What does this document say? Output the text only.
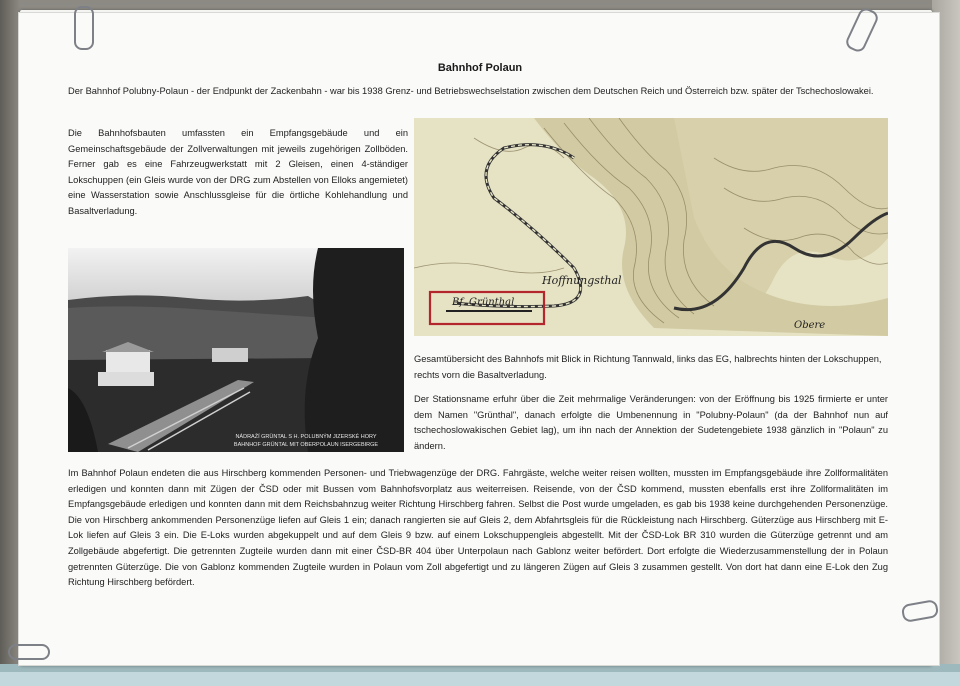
Bahnhof Polaun
Der Bahnhof Polubny-Polaun - der Endpunkt der Zackenbahn - war bis 1938 Grenz- und Betriebswechselstation zwischen dem Deutschen Reich und Österreich bzw. später der Tschechoslowakei.
Die Bahnhofsbauten umfassten ein Empfangsgebäude und ein Gemeinschaftsgebäude der Zollverwaltungen mit jeweils zugehörigen Zollböden. Ferner gab es eine Fahrzeugwerkstatt mit 2 Gleisen, einen 4-ständiger Lokschuppen (ein Gleis wurde von der DRG zum Abstellen von Elloks angemietet) eine Wasserstation sowie Anschlussgleise für die örtliche Kohlehandlung und Basaltverladung.
Bf. Grünthal
Hoffnungsthal
Obere
NÁDRAŽÍ GRÜNTAL S H. POLUBNÝM JIZERSKÉ HORY
BAHNHOF GRÜNTAL MIT OBERPOLAUN ISERGEBIRGE
Gesamtübersicht des Bahnhofs mit Blick in Richtung Tannwald, links das EG, halbrechts hinten der Lokschuppen, rechts vorn die Basaltverladung.
Der Stationsname erfuhr über die Zeit mehrmalige Veränderungen: von der Eröffnung bis 1925 firmierte er unter dem Namen "Grünthal", danach erfolgte die Umbenennung in "Polubny-Polaun" (da der Bahnhof nun auf tschechoslowakischen Gebiet lag), um ihn nach der Annektion der Sudetengebiete 1938 gänzlich in "Polaun" zu ändern.
Im Bahnhof Polaun endeten die aus Hirschberg kommenden Personen- und Triebwagenzüge der DRG. Fahrgäste, welche weiter reisen wollten, mussten im Empfangsgebäude ihre Zollformalitäten erledigen und konnten dann mit Zügen der ČSD oder mit Bussen vom Bahnhofsvorplatz aus weiterreisen. Reisende, von der ČSD kommend, mussten ebenfalls erst ihre Zollformalitäten im Empfangsgebäude erledigen und konnten dann mit dem Reichsbahnzug weiter Richtung Hirschberg fahren. Selbst die Post wurde umgeladen, es gab bis 1938 keine durchgehenden Personenzüge. Die von Hirschberg ankommenden Personenzüge liefen auf Gleis 1 ein; danach rangierten sie auf Gleis 2, dem Abfahrtsgleis für die Rückleistung nach Hirschberg. Güterzüge aus Hirschberg mit E-Lok liefen auf Gleis 3 ein. Die E-Loks wurden abgekuppelt und auf dem Gleis 9 bzw. auf einem Lokschuppengleis abgestellt. Mit der ČSD-Lok BR 310 wurden die Güterzüge getrennt und am Zollgebäude abgefertigt. Die getrennten Zugteile wurden dann mit einer ČSD-BR 404 über Unterpolaun nach Gablonz weiter befördert. Dort erfolgte die Wiederzusammenstellung der in Polaun getrennten Güterzüge. Die von Gablonz kommenden Zugteile wurden in Polaun vom Zoll abgefertigt und zu längeren Zügen auf Gleis 3 zusammen gestellt. Von dort hat dann eine E-Lok den Zug Richtung Hirschberg befördert.
